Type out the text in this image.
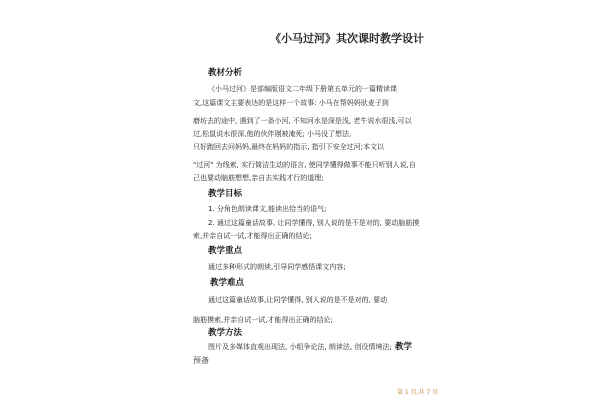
《小马过河》其次课时教学设计
教材分析
《小马过河》是部编版语文二年级下册第五单元的一篇精读课
文,这篇课文主要表达的是这样一个故事: 小马在帮妈妈驮麦子到
磨坊去的途中, 遇到了一条小河, 不知河水是深是浅, 老牛说水很浅,可以
过,松鼠说水很深,他的伙伴刚被淹死; 小马没了想法,
只好跑回去问妈妈,最终在妈妈的指示, 指引下安全过河;本文以
"过河" 为线索, 实行简洁生动的语言, 使同学懂得做事不能只听别人说,自
己也要动脑筋想想,亲自去实践才行的道理;
教学目标
1. 分角色朗读课文,能读出恰当的语气;
2. 通过这篇童话故事, 让同学懂得, 别人说的是不是对的, 要动脑筋摸
索,并亲自试一试,才能得出正确的结论;
教学重点
通过多种形式的朗读,引导同学感悟课文内容;
教学难点
通过这篇童话故事,让同学懂得, 别人说的是不是对的, 要动
脑筋摸索,并亲自试一试,才能得出正确的结论;
教学方法
图片及多媒体直观出现法, 小组争论法, 朗读法, 创设情境法; 教学
预备
第 1 页,共 7 页
